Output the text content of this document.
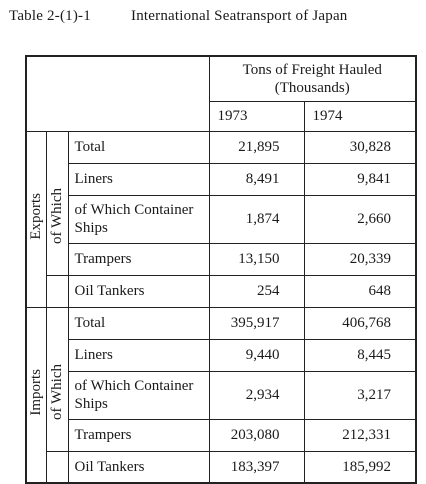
Table 2-(1)-1	International Seatransport of Japan
			Tons of Freight Hauled (Thousands)	
			1973	1974
Exports		Total	21,895	30,828
	of Which	Liners	8,491	9,841
		of Which Container Ships	1,874	2,660
		Trampers	13,150	20,339
		Oil Tankers	254	648
Imports		Total	395,917	406,768
	of Which	Liners	9,440	8,445
		of Which Container Ships	2,934	3,217
		Trampers	203,080	212,331
		Oil Tankers	183,397	185,992
